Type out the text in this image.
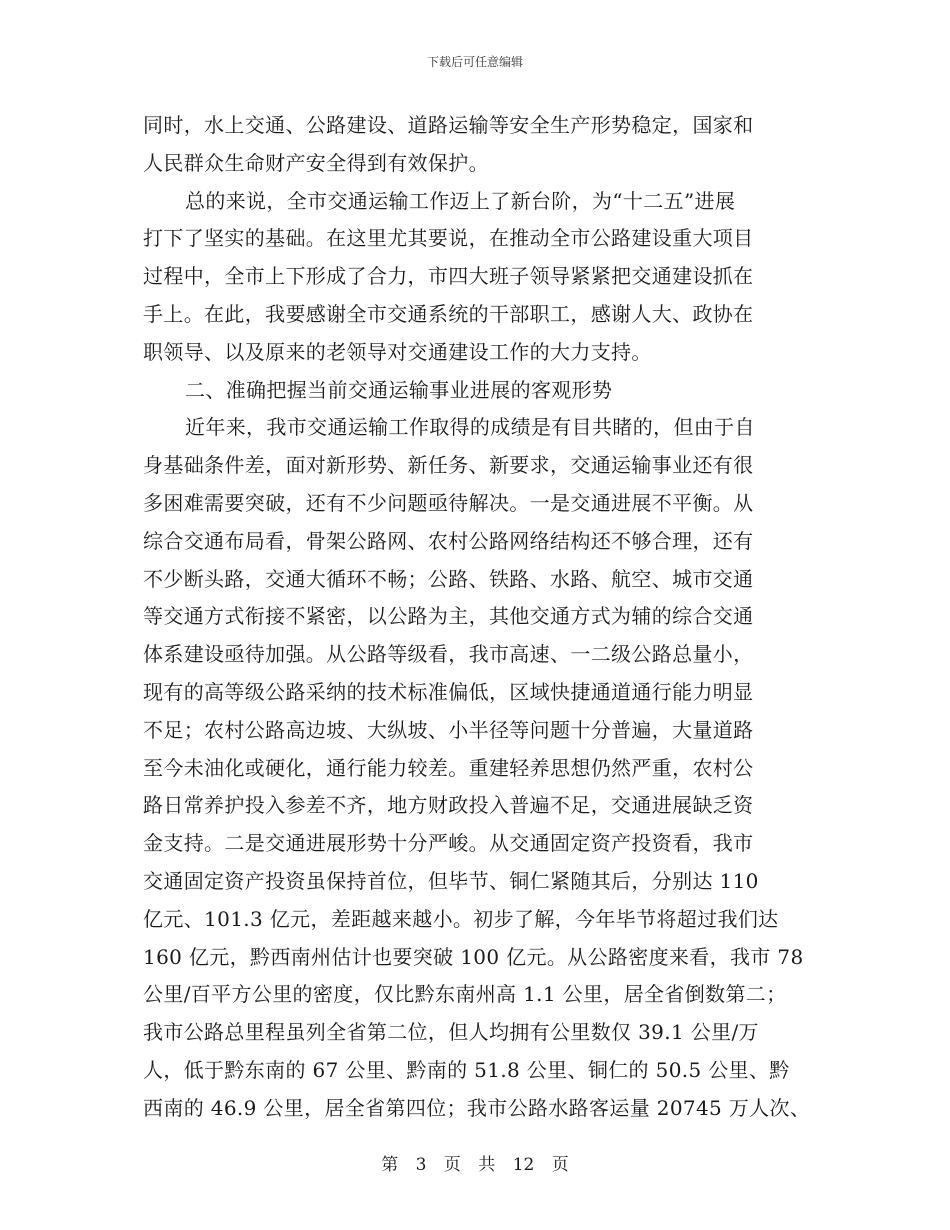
下载后可任意编辑
同时，水上交通、公路建设、道路运输等安全生产形势稳定，国家和
人民群众生命财产安全得到有效保护。
总的来说，全市交通运输工作迈上了新台阶，为“十二五”进展
打下了坚实的基础。在这里尤其要说，在推动全市公路建设重大项目
过程中，全市上下形成了合力，市四大班子领导紧紧把交通建设抓在
手上。在此，我要感谢全市交通系统的干部职工，感谢人大、政协在
职领导、以及原来的老领导对交通建设工作的大力支持。
二、准确把握当前交通运输事业进展的客观形势
近年来，我市交通运输工作取得的成绩是有目共睹的，但由于自
身基础条件差，面对新形势、新任务、新要求，交通运输事业还有很
多困难需要突破，还有不少问题亟待解决。一是交通进展不平衡。从
综合交通布局看，骨架公路网、农村公路网络结构还不够合理，还有
不少断头路，交通大循环不畅；公路、铁路、水路、航空、城市交通
等交通方式衔接不紧密，以公路为主，其他交通方式为辅的综合交通
体系建设亟待加强。从公路等级看，我市高速、一二级公路总量小，
现有的高等级公路采纳的技术标准偏低，区域快捷通道通行能力明显
不足；农村公路高边坡、大纵坡、小半径等问题十分普遍，大量道路
至今未油化或硬化，通行能力较差。重建轻养思想仍然严重，农村公
路日常养护投入参差不齐，地方财政投入普遍不足，交通进展缺乏资
金支持。二是交通进展形势十分严峻。从交通固定资产投资看，我市
交通固定资产投资虽保持首位，但毕节、铜仁紧随其后，分别达 110
亿元、101.3 亿元，差距越来越小。初步了解，今年毕节将超过我们达
160 亿元，黔西南州估计也要突破 100 亿元。从公路密度来看，我市 78
公里/百平方公里的密度，仅比黔东南州高 1.1 公里，居全省倒数第二；
我市公路总里程虽列全省第二位，但人均拥有公里数仅 39.1 公里/万
人，低于黔东南的 67 公里、黔南的 51.8 公里、铜仁的 50.5 公里、黔
西南的 46.9 公里，居全省第四位；我市公路水路客运量 20745 万人次、
第 3 页 共 12 页
